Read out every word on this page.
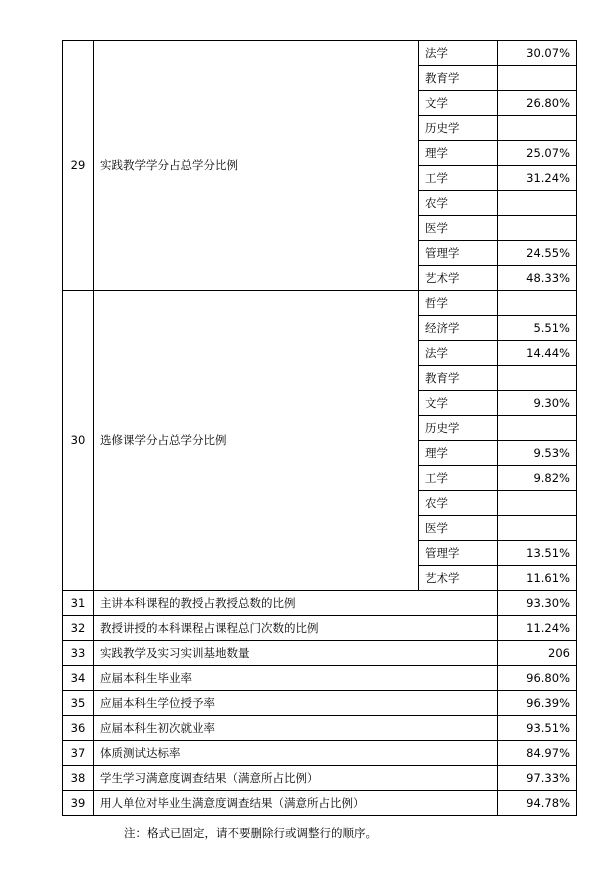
29	实践教学学分占总学分比例	法学	30.07%
		教育学	
		文学	26.80%
		历史学	
		理学	25.07%
		工学	31.24%
		农学	
		医学	
		管理学	24.55%
		艺术学	48.33%
30	选修课学分占总学分比例	哲学	
		经济学	5.51%
		法学	14.44%
		教育学	
		文学	9.30%
		历史学	
		理学	9.53%
		工学	9.82%
		农学	
		医学	
		管理学	13.51%
		艺术学	11.61%
31	主讲本科课程的教授占教授总数的比例		93.30%
32	教授讲授的本科课程占课程总门次数的比例		11.24%
33	实践教学及实习实训基地数量		206
34	应届本科生毕业率		96.80%
35	应届本科生学位授予率		96.39%
36	应届本科生初次就业率		93.51%
37	体质测试达标率		84.97%
38	学生学习满意度调查结果（满意所占比例）		97.33%
39	用人单位对毕业生满意度调查结果（满意所占比例）		94.78%
注：格式已固定，请不要删除行或调整行的顺序。
